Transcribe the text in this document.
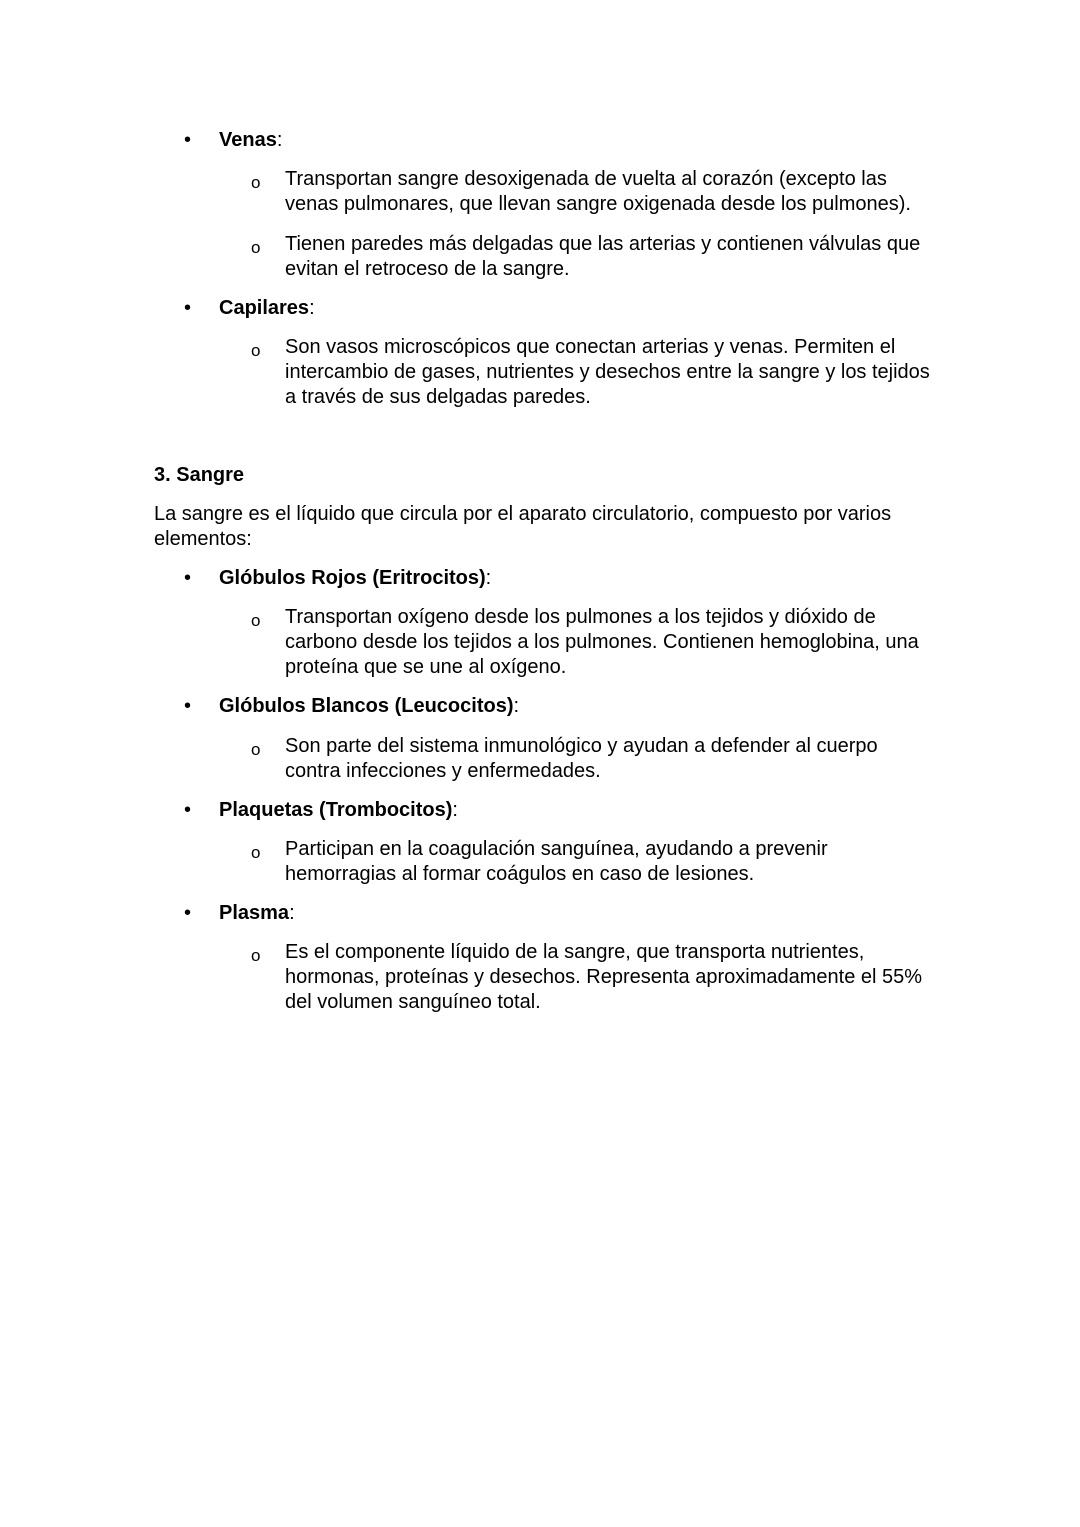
• Venas:
o Transportan sangre desoxigenada de vuelta al corazón (excepto las venas pulmonares, que llevan sangre oxigenada desde los pulmones).
o Tienen paredes más delgadas que las arterias y contienen válvulas que evitan el retroceso de la sangre.
• Capilares:
o Son vasos microscópicos que conectan arterias y venas. Permiten el intercambio de gases, nutrientes y desechos entre la sangre y los tejidos a través de sus delgadas paredes.
3. Sangre
La sangre es el líquido que circula por el aparato circulatorio, compuesto por varios elementos:
• Glóbulos Rojos (Eritrocitos):
o Transportan oxígeno desde los pulmones a los tejidos y dióxido de carbono desde los tejidos a los pulmones. Contienen hemoglobina, una proteína que se une al oxígeno.
• Glóbulos Blancos (Leucocitos):
o Son parte del sistema inmunológico y ayudan a defender al cuerpo contra infecciones y enfermedades.
• Plaquetas (Trombocitos):
o Participan en la coagulación sanguínea, ayudando a prevenir hemorragias al formar coágulos en caso de lesiones.
• Plasma:
o Es el componente líquido de la sangre, que transporta nutrientes, hormonas, proteínas y desechos. Representa aproximadamente el 55% del volumen sanguíneo total.
